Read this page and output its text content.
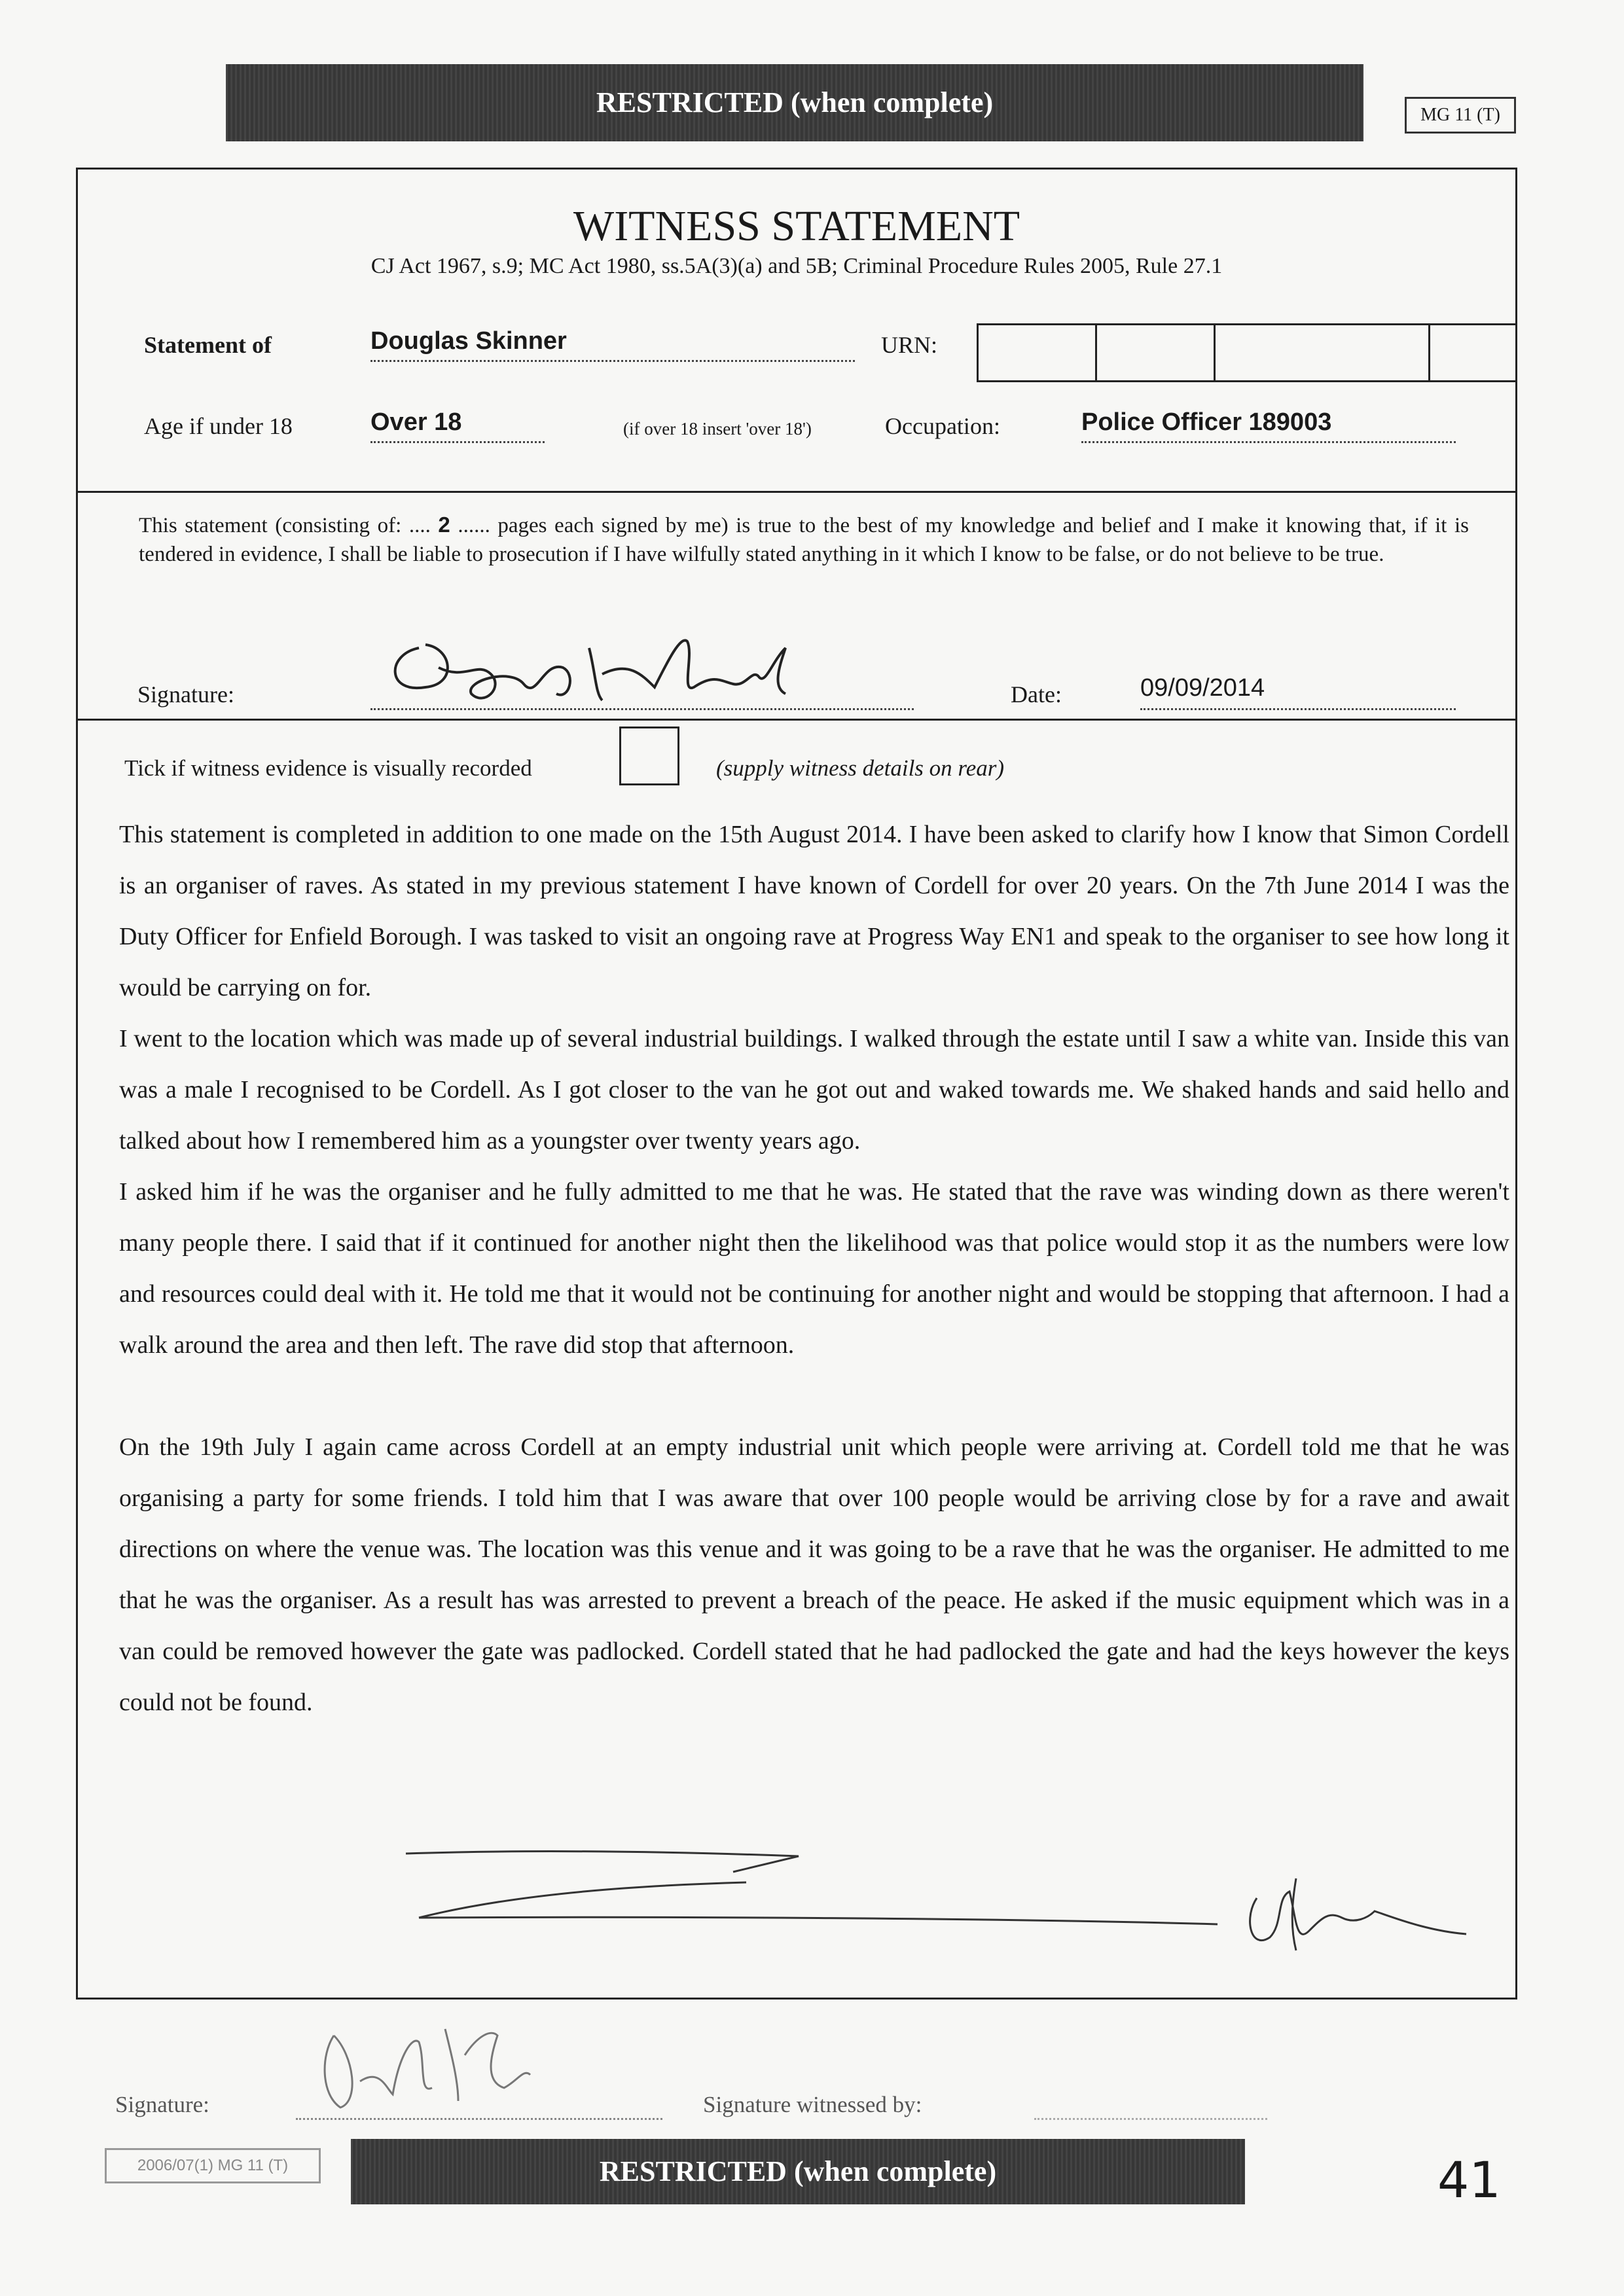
RESTRICTED (when complete)	MG 11 (T)
WITNESS STATEMENT
CJ Act 1967, s.9; MC Act 1980, ss.5A(3)(a) and 5B; Criminal Procedure Rules 2005, Rule 27.1
Statement of	Douglas Skinner	URN:
Age if under 18	Over 18	(if over 18 insert 'over 18')	Occupation:	Police Officer 189003
This statement (consisting of: .... 2 ...... pages each signed by me) is true to the best of my knowledge and belief and I make it knowing that, if it is tendered in evidence, I shall be liable to prosecution if I have wilfully stated anything in it which I know to be false, or do not believe to be true.
Signature:	Date:	09/09/2014
Tick if witness evidence is visually recorded	(supply witness details on rear)

This statement is completed in addition to one made on the 15th August 2014. I have been asked to clarify how I know that Simon Cordell is an organiser of raves. As stated in my previous statement I have known of Cordell for over 20 years. On the 7th June 2014 I was the Duty Officer for Enfield Borough. I was tasked to visit an ongoing rave at Progress Way EN1 and speak to the organiser to see how long it would be carrying on for.

I went to the location which was made up of several industrial buildings. I walked through the estate until I saw a white van. Inside this van was a male I recognised to be Cordell. As I got closer to the van he got out and waked towards me. We shaked hands and said hello and talked about how I remembered him as a youngster over twenty years ago.

I asked him if he was the organiser and he fully admitted to me that he was. He stated that the rave was winding down as there weren't many people there. I said that if it continued for another night then the likelihood was that police would stop it as the numbers were low and resources could deal with it. He told me that it would not be continuing for another night and would be stopping that afternoon. I had a walk around the area and then left. The rave did stop that afternoon.

On the 19th July I again came across Cordell at an empty industrial unit which people were arriving at. Cordell told me that he was organising a party for some friends. I told him that I was aware that over 100 people would be arriving close by for a rave and await directions on where the venue was. The location was this venue and it was going to be a rave that he was the organiser. He admitted to me that he was the organiser. As a result has was arrested to prevent a breach of the peace. He asked if the music equipment which was in a van could be removed however the gate was padlocked. Cordell stated that he had padlocked the gate and had the keys however the keys could not be found.

Signature:	Signature witnessed by:
2006/07(1) MG 11 (T)	RESTRICTED (when complete)	41
